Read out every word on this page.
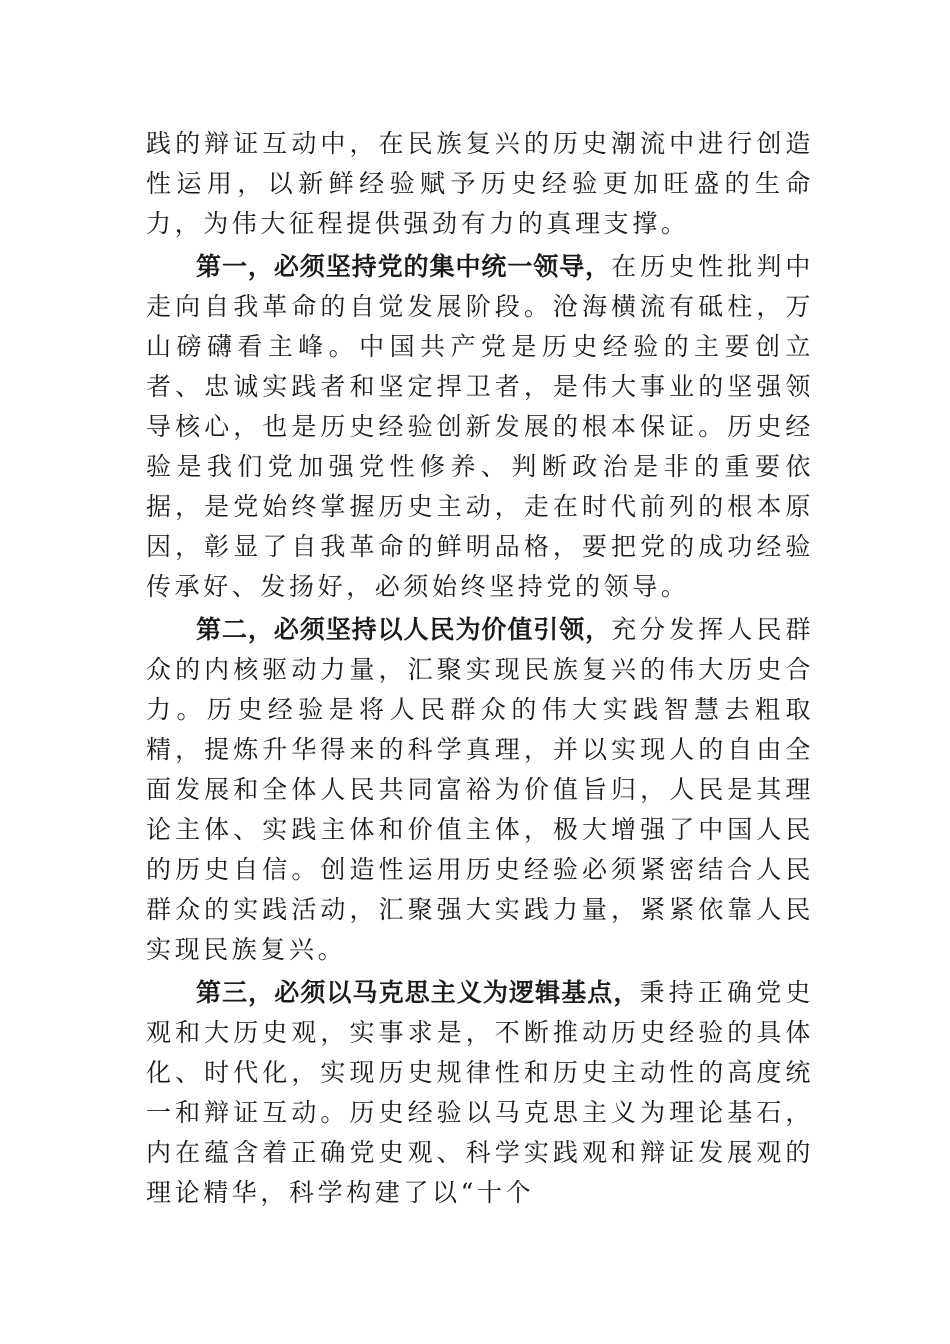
践的辩证互动中，在民族复兴的历史潮流中进行创造性运用，以新鲜经验赋予历史经验更加旺盛的生命力，为伟大征程提供强劲有力的真理支撑。

第一，必须坚持党的集中统一领导，在历史性批判中走向自我革命的自觉发展阶段。沧海横流有砥柱，万山磅礴看主峰。中国共产党是历史经验的主要创立者、忠诚实践者和坚定捍卫者，是伟大事业的坚强领导核心，也是历史经验创新发展的根本保证。历史经验是我们党加强党性修养、判断政治是非的重要依据，是党始终掌握历史主动，走在时代前列的根本原因，彰显了自我革命的鲜明品格，要把党的成功经验传承好、发扬好，必须始终坚持党的领导。

第二，必须坚持以人民为价值引领，充分发挥人民群众的内核驱动力量，汇聚实现民族复兴的伟大历史合力。历史经验是将人民群众的伟大实践智慧去粗取精，提炼升华得来的科学真理，并以实现人的自由全面发展和全体人民共同富裕为价值旨归，人民是其理论主体、实践主体和价值主体，极大增强了中国人民的历史自信。创造性运用历史经验必须紧密结合人民群众的实践活动，汇聚强大实践力量，紧紧依靠人民实现民族复兴。

第三，必须以马克思主义为逻辑基点，秉持正确党史观和大历史观，实事求是，不断推动历史经验的具体化、时代化，实现历史规律性和历史主动性的高度统一和辩证互动。历史经验以马克思主义为理论基石，内在蕴含着正确党史观、科学实践观和辩证发展观的理论精华，科学构建了以“十个
